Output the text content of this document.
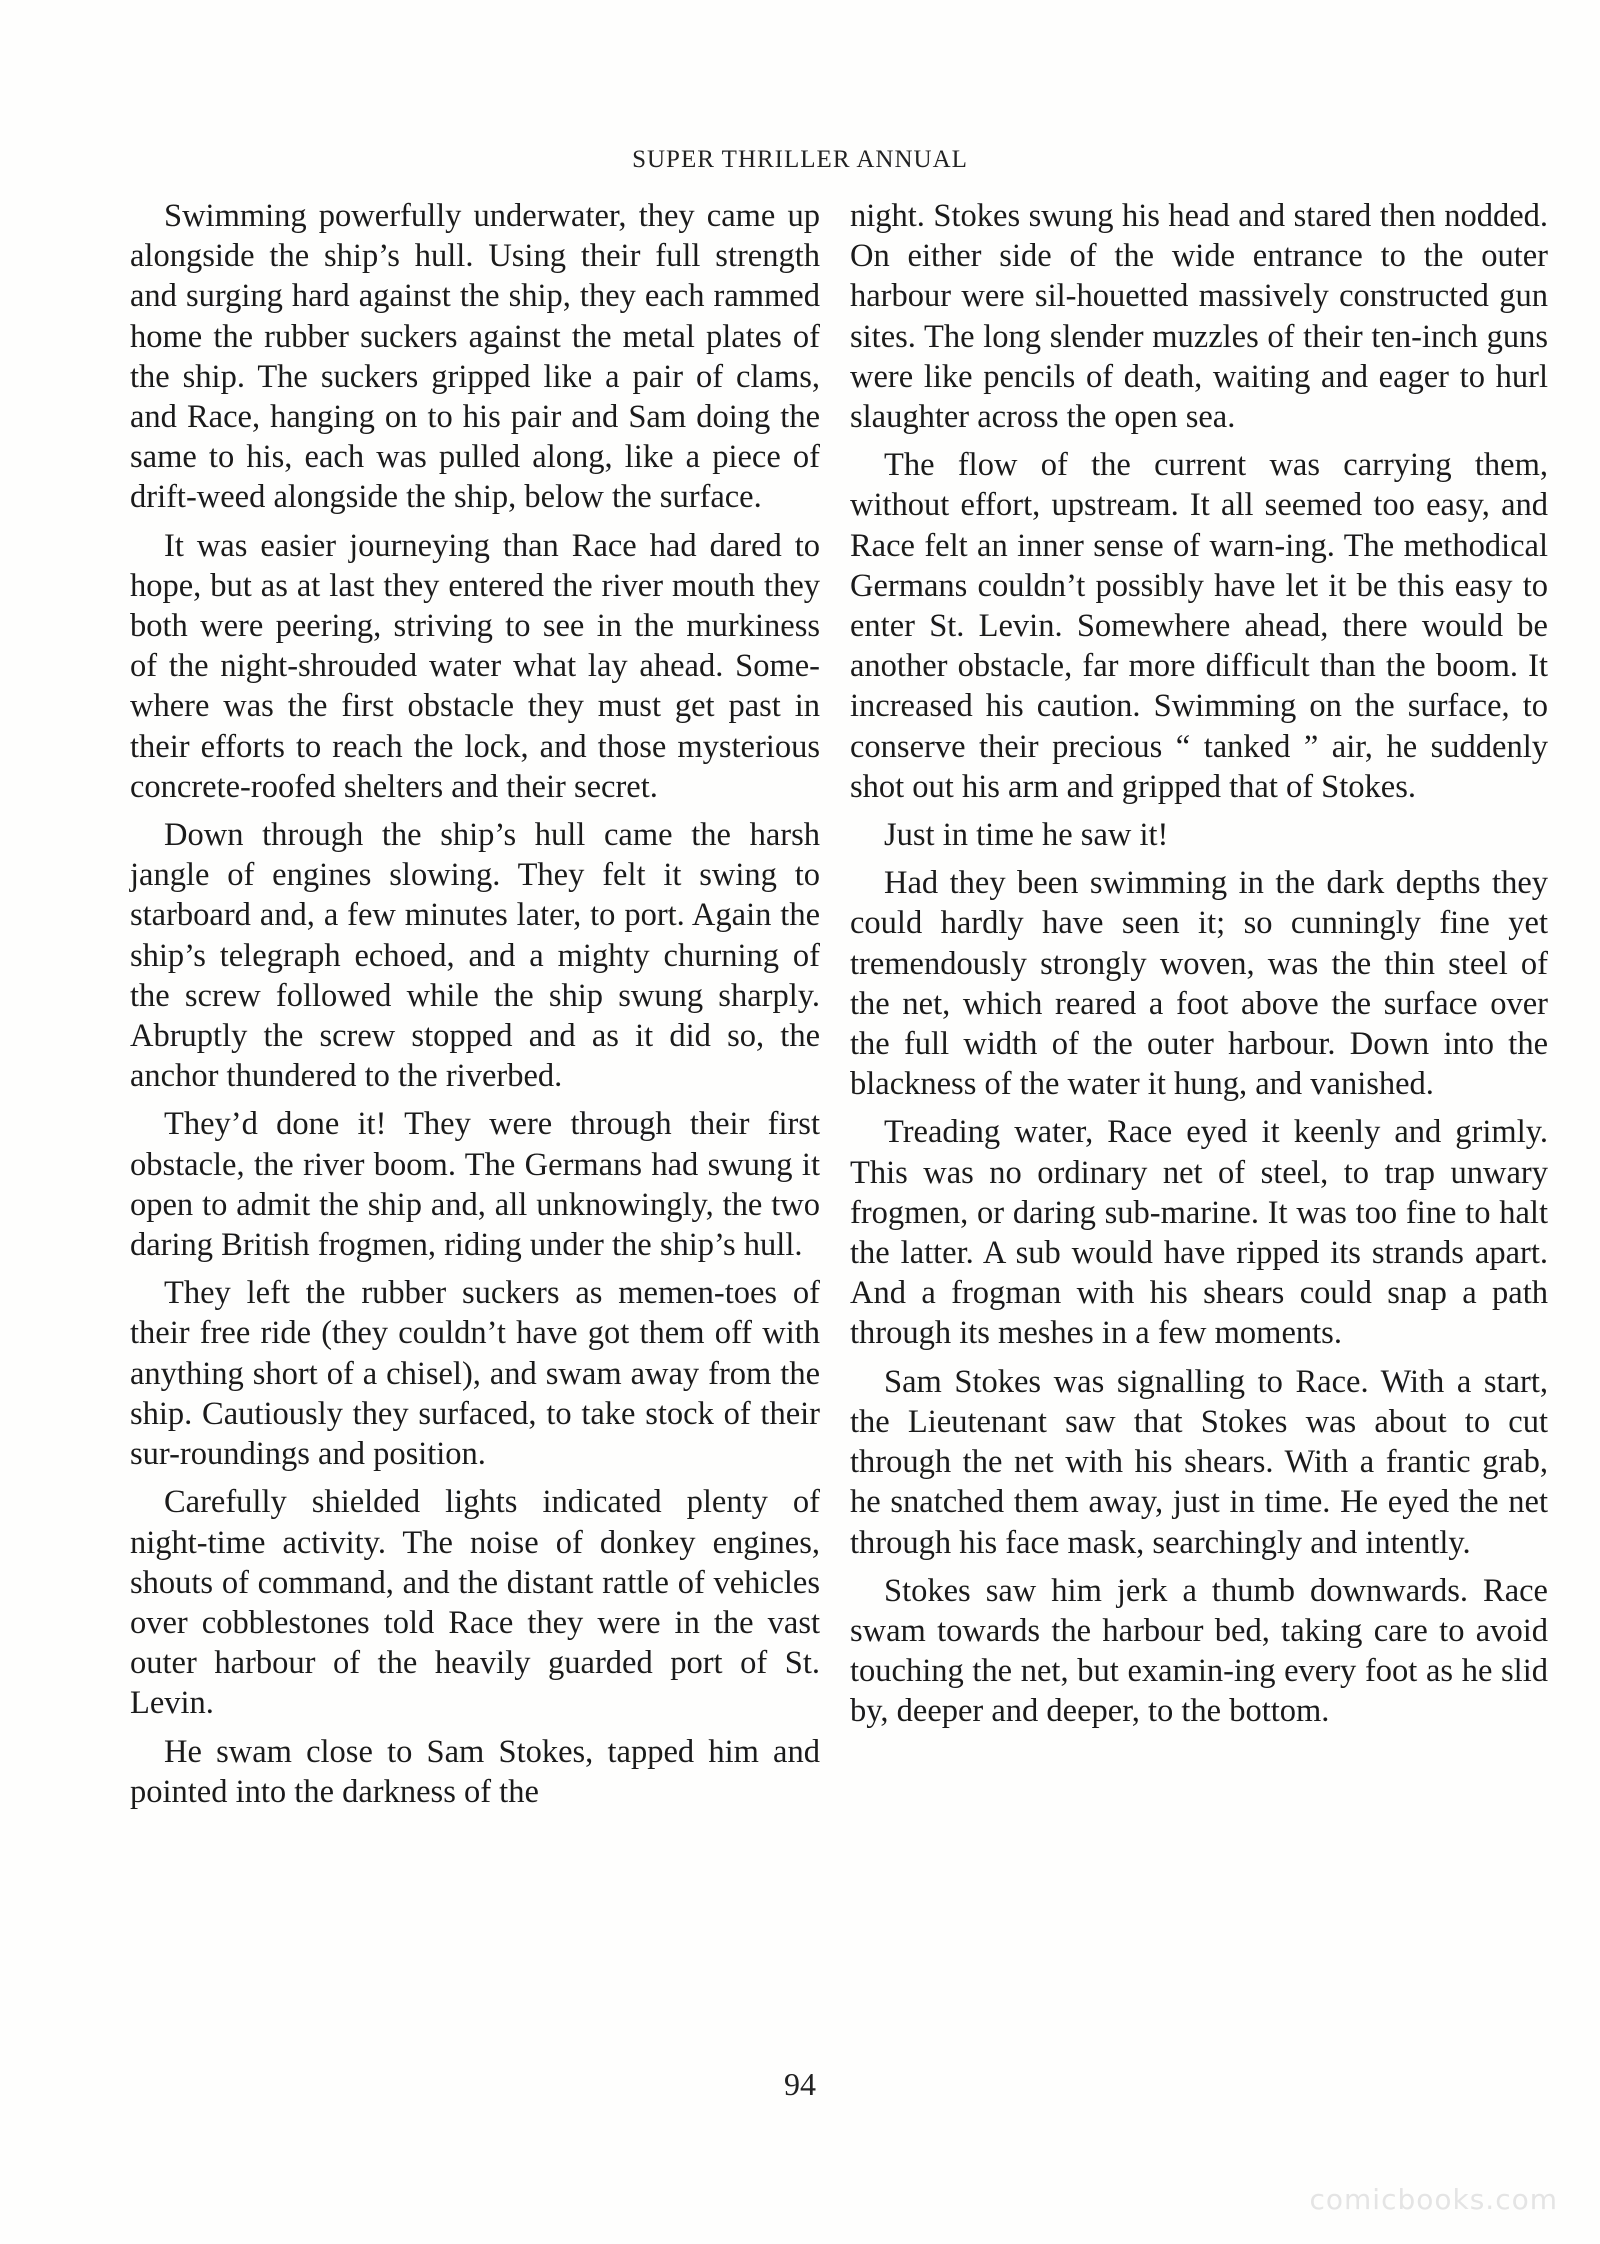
SUPER THRILLER ANNUAL

Swimming powerfully underwater, they came up alongside the ship’s hull. Using their full strength and surging hard against the ship, they each rammed home the rubber suckers against the metal plates of the ship. The suckers gripped like a pair of clams, and Race, hanging on to his pair and Sam doing the same to his, each was pulled along, like a piece of drift-weed alongside the ship, below the surface.

It was easier journeying than Race had dared to hope, but as at last they entered the river mouth they both were peering, striving to see in the murkiness of the night-shrouded water what lay ahead. Some-where was the first obstacle they must get past in their efforts to reach the lock, and those mysterious concrete-roofed shelters and their secret.

Down through the ship’s hull came the harsh jangle of engines slowing. They felt it swing to starboard and, a few minutes later, to port. Again the ship’s telegraph echoed, and a mighty churning of the screw followed while the ship swung sharply. Abruptly the screw stopped and as it did so, the anchor thundered to the riverbed.

They’d done it! They were through their first obstacle, the river boom. The Germans had swung it open to admit the ship and, all unknowingly, the two daring British frogmen, riding under the ship’s hull.

They left the rubber suckers as memen-toes of their free ride (they couldn’t have got them off with anything short of a chisel), and swam away from the ship. Cautiously they surfaced, to take stock of their sur-roundings and position.

Carefully shielded lights indicated plenty of night-time activity. The noise of donkey engines, shouts of command, and the distant rattle of vehicles over cobblestones told Race they were in the vast outer harbour of the heavily guarded port of St. Levin.

He swam close to Sam Stokes, tapped him and pointed into the darkness of the

night. Stokes swung his head and stared then nodded. On either side of the wide entrance to the outer harbour were sil-houetted massively constructed gun sites. The long slender muzzles of their ten-inch guns were like pencils of death, waiting and eager to hurl slaughter across the open sea.

The flow of the current was carrying them, without effort, upstream. It all seemed too easy, and Race felt an inner sense of warn-ing. The methodical Germans couldn’t possibly have let it be this easy to enter St. Levin. Somewhere ahead, there would be another obstacle, far more difficult than the boom. It increased his caution. Swimming on the surface, to conserve their precious “ tanked ” air, he suddenly shot out his arm and gripped that of Stokes.

Just in time he saw it!

Had they been swimming in the dark depths they could hardly have seen it; so cunningly fine yet tremendously strongly woven, was the thin steel of the net, which reared a foot above the surface over the full width of the outer harbour. Down into the blackness of the water it hung, and vanished.

Treading water, Race eyed it keenly and grimly. This was no ordinary net of steel, to trap unwary frogmen, or daring sub-marine. It was too fine to halt the latter. A sub would have ripped its strands apart. And a frogman with his shears could snap a path through its meshes in a few moments.

Sam Stokes was signalling to Race. With a start, the Lieutenant saw that Stokes was about to cut through the net with his shears. With a frantic grab, he snatched them away, just in time. He eyed the net through his face mask, searchingly and intently.

Stokes saw him jerk a thumb downwards. Race swam towards the harbour bed, taking care to avoid touching the net, but examin-ing every foot as he slid by, deeper and deeper, to the bottom.

94
comicbooks.com
